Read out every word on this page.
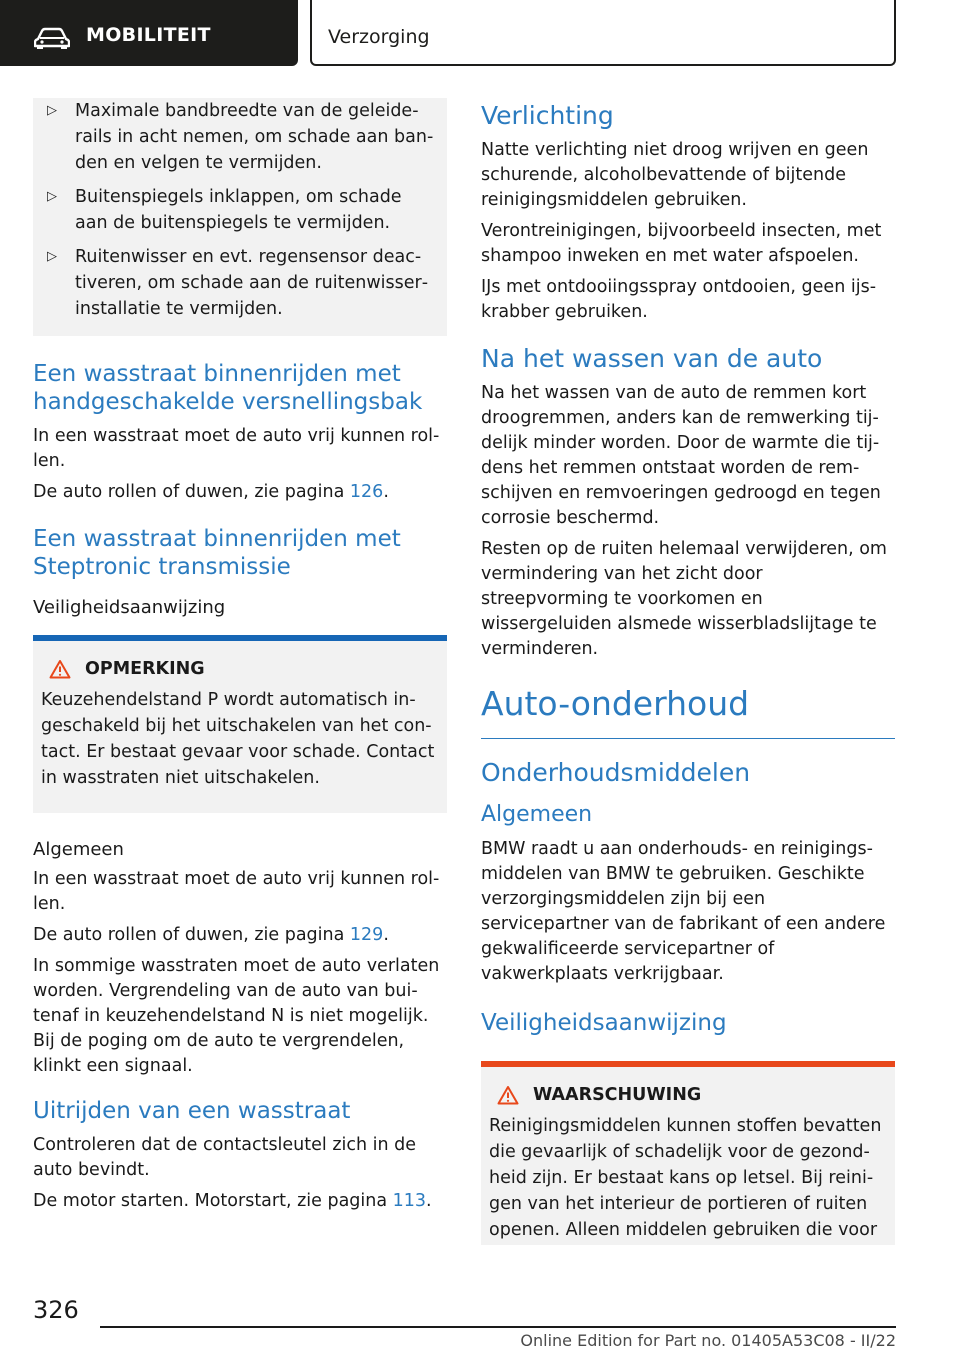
MOBILITEIT	Verzorging
▷ Maximale bandbreedte van de geleiderails in acht nemen, om schade aan banden en velgen te vermijden.
▷ Buitenspiegels inklappen, om schade aan de buitenspiegels te vermijden.
▷ Ruitenwisser en evt. regensensor deactiveren, om schade aan de ruitenwisserinstallatie te vermijden.
Een wasstraat binnenrijden met handgeschakelde versnellingsbak

In een wasstraat moet de auto vrij kunnen rollen.

De auto rollen of duwen, zie pagina 126.

Een wasstraat binnenrijden met Steptronic transmissie

Veiligheidsaanwijzing

OPMERKING

Keuzehendelstand P wordt automatisch ingeschakeld bij het uitschakelen van het contact. Er bestaat gevaar voor schade. Contact in wasstraten niet uitschakelen.

Algemeen

In een wasstraat moet de auto vrij kunnen rollen.

De auto rollen of duwen, zie pagina 129.

In sommige wasstraten moet de auto verlaten worden. Vergrendeling van de auto van buitenaf in keuzehendelstand N is niet mogelijk. Bij de poging om de auto te vergrendelen, klinkt een signaal.

Uitrijden van een wasstraat

Controleren dat de contactsleutel zich in de auto bevindt.

De motor starten. Motorstart, zie pagina 113.

Verlichting

Natte verlichting niet droog wrijven en geen schurende, alcoholbevattende of bijtende reinigingsmiddelen gebruiken.

Verontreinigingen, bijvoorbeeld insecten, met shampoo inweken en met water afspoelen.

IJs met ontdooiingsspray ontdooien, geen ijskrabber gebruiken.

Na het wassen van de auto

Na het wassen van de auto de remmen kort droogremmen, anders kan de remwerking tijdelijk minder worden. Door de warmte die tijdens het remmen ontstaat worden de remschijven en remvoeringen gedroogd en tegen corrosie beschermd.

Resten op de ruiten helemaal verwijderen, om vermindering van het zicht door streepvorming te voorkomen en wissergeluiden alsmede wisserbladslijtage te verminderen.

Auto-onderhoud
Onderhoudsmiddelen
Algemeen

BMW raadt u aan onderhouds- en reinigingsmiddelen van BMW te gebruiken. Geschikte verzorgingsmiddelen zijn bij een servicepartner van de fabrikant of een andere gekwalificeerde servicepartner of vakwerkplaats verkrijgbaar.

Veiligheidsaanwijzing
WAARSCHUWING

Reinigingsmiddelen kunnen stoffen bevatten die gevaarlijk of schadelijk voor de gezondheid zijn. Er bestaat kans op letsel. Bij reinigen van het interieur de portieren of ruiten openen. Alleen middelen gebruiken die voor

326
Online Edition for Part no. 01405A53C08 - II/22
